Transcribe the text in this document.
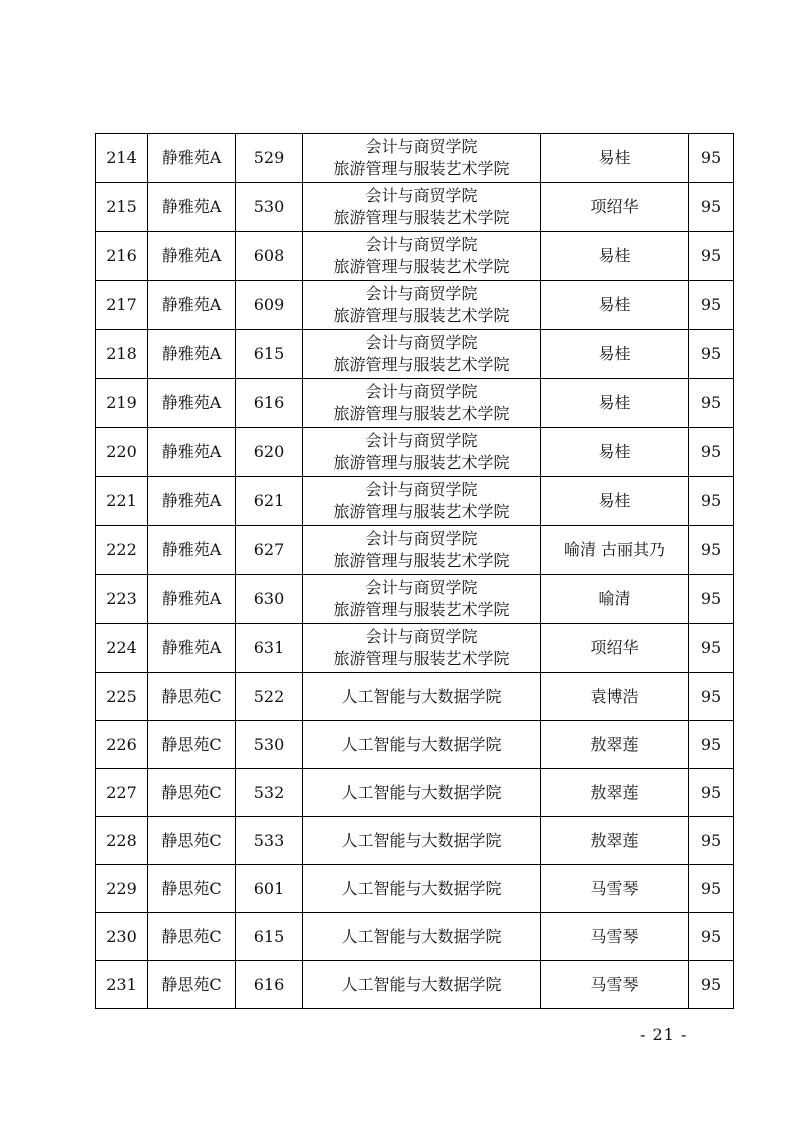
214	静雅苑A	529	会计与商贸学院
旅游管理与服装艺术学院	易桂	95
215	静雅苑A	530	会计与商贸学院
旅游管理与服装艺术学院	项绍华	95
216	静雅苑A	608	会计与商贸学院
旅游管理与服装艺术学院	易桂	95
217	静雅苑A	609	会计与商贸学院
旅游管理与服装艺术学院	易桂	95
218	静雅苑A	615	会计与商贸学院
旅游管理与服装艺术学院	易桂	95
219	静雅苑A	616	会计与商贸学院
旅游管理与服装艺术学院	易桂	95
220	静雅苑A	620	会计与商贸学院
旅游管理与服装艺术学院	易桂	95
221	静雅苑A	621	会计与商贸学院
旅游管理与服装艺术学院	易桂	95
222	静雅苑A	627	会计与商贸学院
旅游管理与服装艺术学院	喻清 古丽其乃	95
223	静雅苑A	630	会计与商贸学院
旅游管理与服装艺术学院	喻清	95
224	静雅苑A	631	会计与商贸学院
旅游管理与服装艺术学院	项绍华	95
225	静思苑C	522	人工智能与大数据学院	袁博浩	95
226	静思苑C	530	人工智能与大数据学院	敖翠莲	95
227	静思苑C	532	人工智能与大数据学院	敖翠莲	95
228	静思苑C	533	人工智能与大数据学院	敖翠莲	95
229	静思苑C	601	人工智能与大数据学院	马雪琴	95
230	静思苑C	615	人工智能与大数据学院	马雪琴	95
231	静思苑C	616	人工智能与大数据学院	马雪琴	95
- 21 -
